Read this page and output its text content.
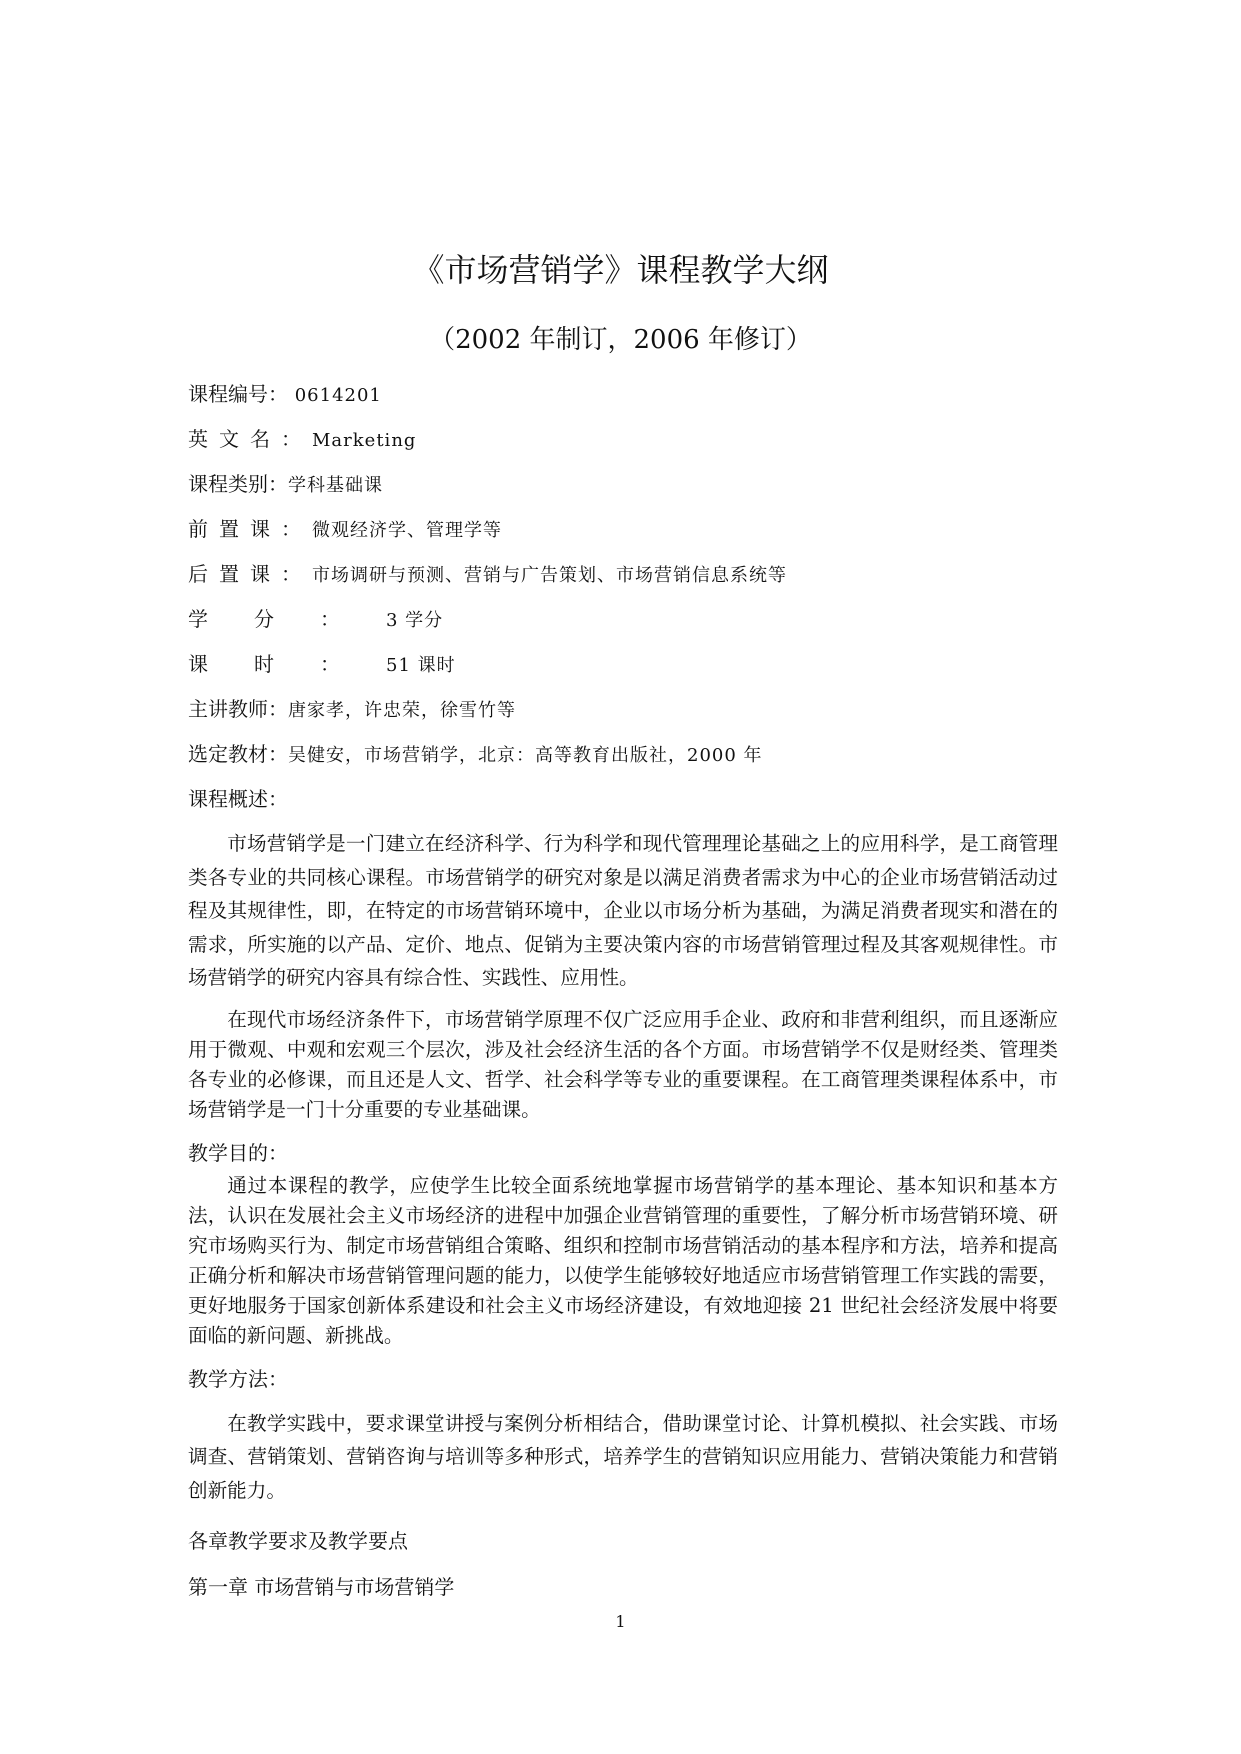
《市场营销学》课程教学大纲
（2002 年制订，2006 年修订）
课程编号： 0614201
英文名：Marketing
课程类别：学科基础课
前置课：微观经济学、管理学等
后置课：市场调研与预测、营销与广告策划、市场营销信息系统等
学分：3 学分
课时：51 课时
主讲教师：唐家孝，许忠荣，徐雪竹等
选定教材：吴健安，市场营销学，北京：高等教育出版社，2000 年
课程概述：

市场营销学是一门建立在经济科学、行为科学和现代管理理论基础之上的应用科学，是工商管理类各专业的共同核心课程。市场营销学的研究对象是以满足消费者需求为中心的企业市场营销活动过程及其规律性，即，在特定的市场营销环境中，企业以市场分析为基础，为满足消费者现实和潜在的需求，所实施的以产品、定价、地点、促销为主要决策内容的市场营销管理过程及其客观规律性。市场营销学的研究内容具有综合性、实践性、应用性。

在现代市场经济条件下，市场营销学原理不仅广泛应用手企业、政府和非营利组织，而且逐渐应用于微观、中观和宏观三个层次，涉及社会经济生活的各个方面。市场营销学不仅是财经类、管理类各专业的必修课，而且还是人文、哲学、社会科学等专业的重要课程。在工商管理类课程体系中，市场营销学是一门十分重要的专业基础课。

教学目的：

通过本课程的教学，应使学生比较全面系统地掌握市场营销学的基本理论、基本知识和基本方法，认识在发展社会主义市场经济的进程中加强企业营销管理的重要性，了解分析市场营销环境、研究市场购买行为、制定市场营销组合策略、组织和控制市场营销活动的基本程序和方法，培养和提高正确分析和解决市场营销管理问题的能力，以使学生能够较好地适应市场营销管理工作实践的需要，更好地服务于国家创新体系建设和社会主义市场经济建设，有效地迎接 21 世纪社会经济发展中将要面临的新问题、新挑战。

教学方法：

在教学实践中，要求课堂讲授与案例分析相结合，借助课堂讨论、计算机模拟、社会实践、市场调查、营销策划、营销咨询与培训等多种形式，培养学生的营销知识应用能力、营销决策能力和营销创新能力。

各章教学要求及教学要点
第一章 市场营销与市场营销学
1
